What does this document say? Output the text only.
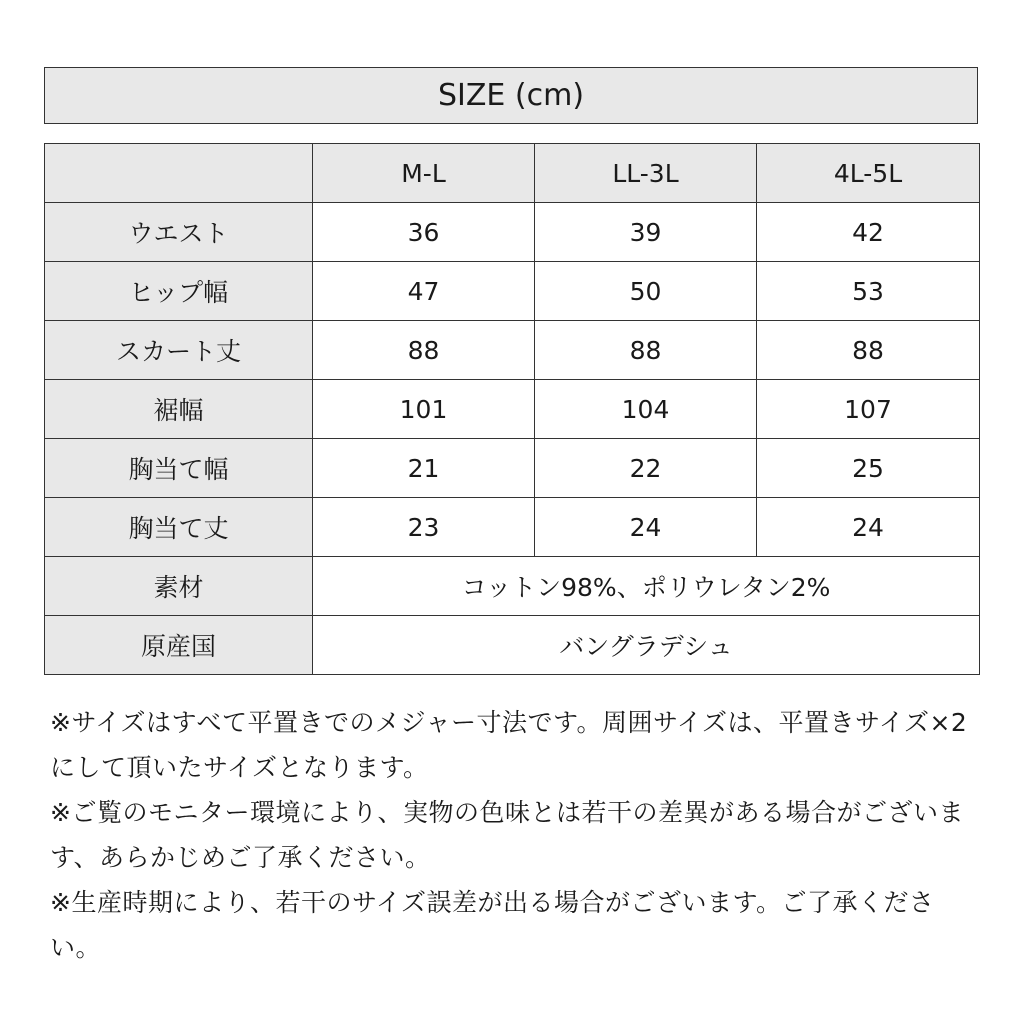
SIZE (cm)
	M-L	LL-3L	4L-5L
ウエスト	36	39	42
ヒップ幅	47	50	53
スカート丈	88	88	88
裾幅	101	104	107
胸当て幅	21	22	25
胸当て丈	23	24	24
素材	コットン98%、ポリウレタン2%		
原産国	バングラデシュ		

※サイズはすべて平置きでのメジャー寸法です。周囲サイズは、平置きサイズ×2にして頂いたサイズとなります。

※ご覧のモニター環境により、実物の色味とは若干の差異がある場合がございます、あらかじめご了承ください。

※生産時期により、若干のサイズ誤差が出る場合がございます。ご了承ください。
